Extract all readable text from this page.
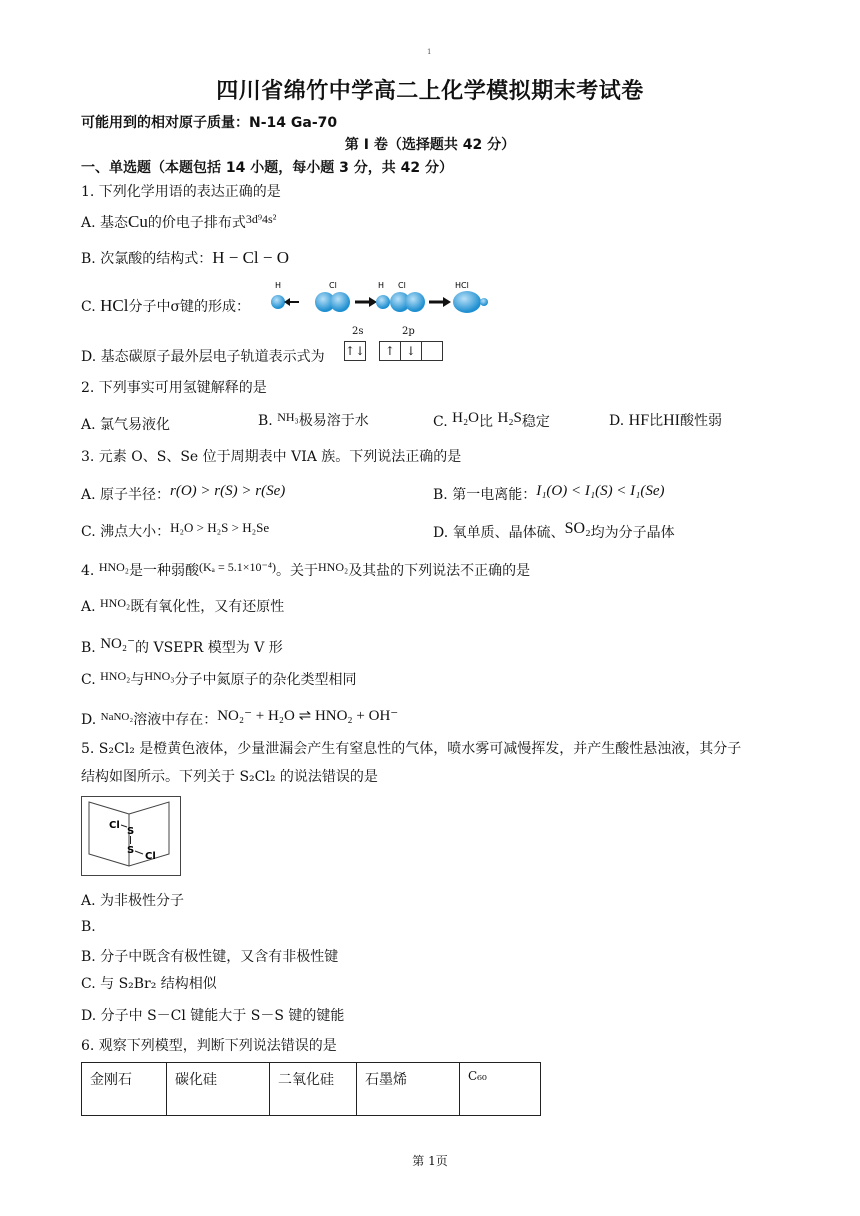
1
四川省绵竹中学高二上化学模拟期末考试卷
可能用到的相对原子质量：N-14 Ga-70
第 I 卷（选择题共 42 分）
一、单选题（本题包括 14 小题，每小题 3 分，共 42 分）
1. 下列化学用语的表达正确的是
A. 基态Cu的价电子排布式3d⁹4s²
B. 次氯酸的结构式：H − Cl − O
C. HCl分子中σ键的形成：
H	Cl	H Cl	HCl
D. 基态碳原子最外层电子轨道表示式为
2s	2p
↑↓ ↑ ↓
2. 下列事实可用氢键解释的是
A. 氯气易液化	B. NH₃极易溶于水	C. H₂O比 H₂S稳定	D. HF比HI酸性弱
3. 元素 O、S、Se 位于周期表中 VIA 族。下列说法正确的是
A. 原子半径：r(O) > r(S) > r(Se)	B. 第一电离能：I₁(O) < I₁(S) < I₁(Se)
C. 沸点大小：H₂O > H₂S > H₂Se	D. 氧单质、晶体硫、SO₂均为分子晶体
4. HNO₂是一种弱酸(Kₐ = 5.1×10⁻⁴)。关于HNO₂及其盐的下列说法不正确的是
A. HNO₂既有氧化性，又有还原性
B. NO₂⁻的 VSEPR 模型为 V 形
C. HNO₂与HNO₃分子中氮原子的杂化类型相同
D. $^{NaNO_2}$溶液中存在：NO₂⁻ + H₂O ⇌ HNO₂ + OH⁻
5. S₂Cl₂ 是橙黄色液体，少量泄漏会产生有窒息性的气体，喷水雾可减慢挥发，并产生酸性悬浊液，其分子
结构如图所示。下列关于 S₂Cl₂ 的说法错误的是
Cl
S
S
Cl
A. 为非极性分子
B.
B. 分子中既含有极性键，又含有非极性键
C. 与 S₂Br₂ 结构相似
D. 分子中 S－Cl 键能大于 S－S 键的键能
6. 观察下列模型，判断下列说法错误的是
金刚石	碳化硅	二氧化硅	石墨烯	C₆₀
第 1页
